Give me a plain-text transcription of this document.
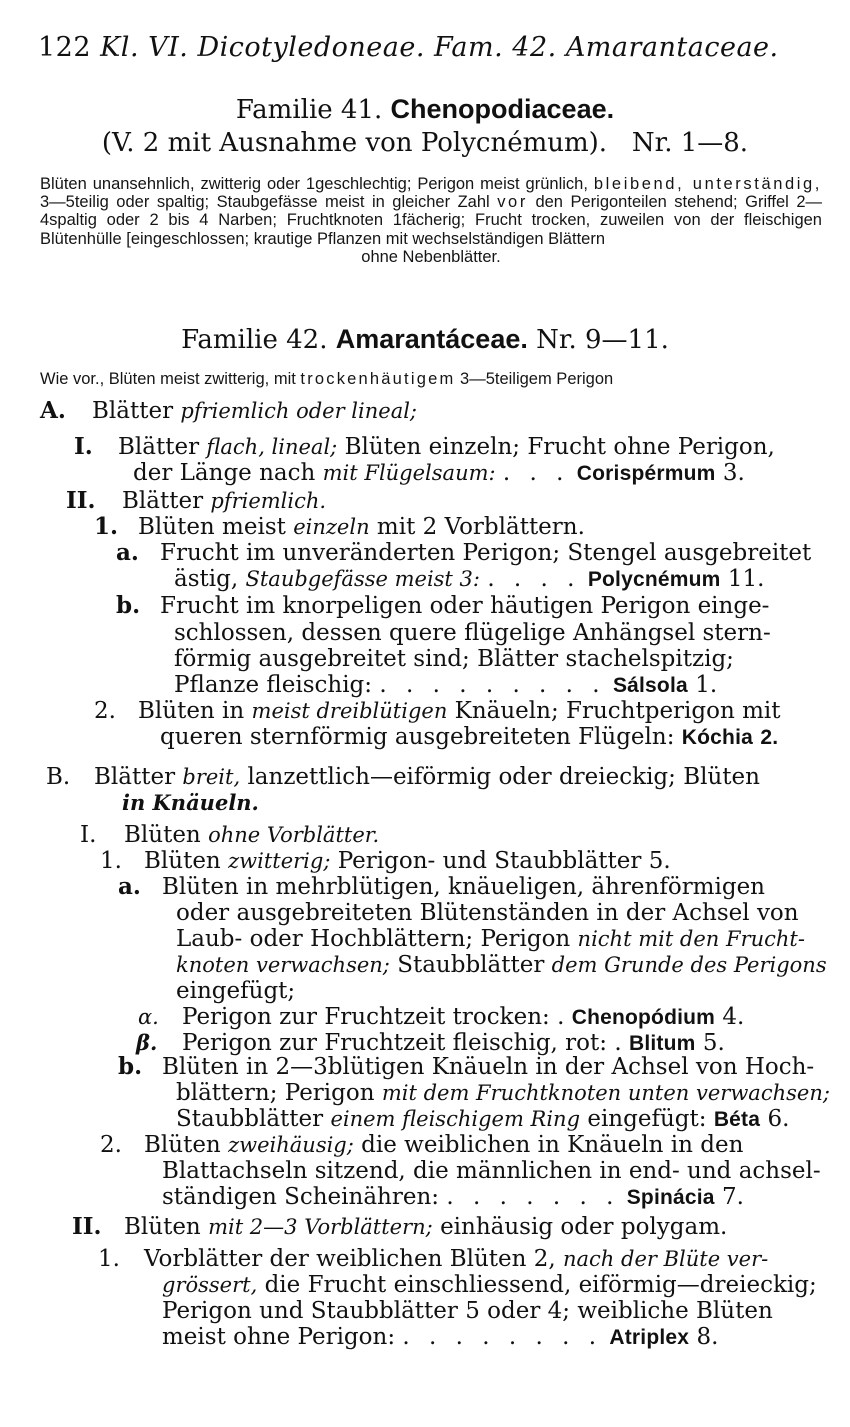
122 Kl. VI. Dicotyledoneae. Fam. 42. Amarantaceae.
Familie 41. Chenopodiaceae.
(V. 2 mit Ausnahme von Polycnémum). Nr. 1—8.
Blüten unansehnlich, zwitterig oder 1geschlechtig; Perigon meist grünlich, bleibend, unterständig, 3—5teilig oder spaltig; Staubgefässe meist in gleicher Zahl vor den Perigonteilen stehend; Griffel 2—4spaltig oder 2 bis 4 Narben; Fruchtknoten 1fächerig; Frucht trocken, zuweilen von der fleischigen Blütenhülle [eingeschlossen; krautige Pflanzen mit wechselständigen Blättern
ohne Nebenblätter.
Familie 42. Amarantáceae. Nr. 9—11.
Wie vor., Blüten meist zwitterig, mit trockenhäutigem 3—5teiligem Perigon
A. Blätter pfriemlich oder lineal;
I. Blätter flach, lineal; Blüten einzeln; Frucht ohne Perigon,
der Länge nach mit Flügelsaum: . . . Corispérmum 3.
II. Blätter pfriemlich.
1. Blüten meist einzeln mit 2 Vorblättern.
a. Frucht im unveränderten Perigon; Stengel ausgebreitet
ästig, Staubgefässe meist 3: . . . . Polycnémum 11.
b. Frucht im knorpeligen oder häutigen Perigon einge-
schlossen, dessen quere flügelige Anhängsel stern-
förmig ausgebreitet sind; Blätter stachelspitzig;
Pflanze fleischig: . . . . . . . . . Sálsola 1.
2. Blüten in meist dreiblütigen Knäueln; Fruchtperigon mit
queren sternförmig ausgebreiteten Flügeln: Kóchia 2.
B. Blätter breit, lanzettlich—eiförmig oder dreieckig; Blüten
in Knäueln.
I. Blüten ohne Vorblätter.
1. Blüten zwitterig; Perigon- und Staubblätter 5.
a. Blüten in mehrblütigen, knäueligen, ährenförmigen
oder ausgebreiteten Blütenständen in der Achsel von
Laub- oder Hochblättern; Perigon nicht mit den Frucht-
knoten verwachsen; Staubblätter dem Grunde des Perigons
eingefügt;
α. Perigon zur Fruchtzeit trocken: . Chenopódium 4.
β. Perigon zur Fruchtzeit fleischig, rot: . Blitum 5.
b. Blüten in 2—3blütigen Knäueln in der Achsel von Hoch-
blättern; Perigon mit dem Fruchtknoten unten verwachsen;
Staubblätter einem fleischigem Ring eingefügt: Béta 6.
2. Blüten zweihäusig; die weiblichen in Knäueln in den
Blattachseln sitzend, die männlichen in end- und achsel-
ständigen Scheinähren: . . . . . . . Spinácia 7.
II. Blüten mit 2—3 Vorblättern; einhäusig oder polygam.
1. Vorblätter der weiblichen Blüten 2, nach der Blüte ver-
grössert, die Frucht einschliessend, eiförmig—dreieckig;
Perigon und Staubblätter 5 oder 4; weibliche Blüten
meist ohne Perigon: . . . . . . . . Atriplex 8.
